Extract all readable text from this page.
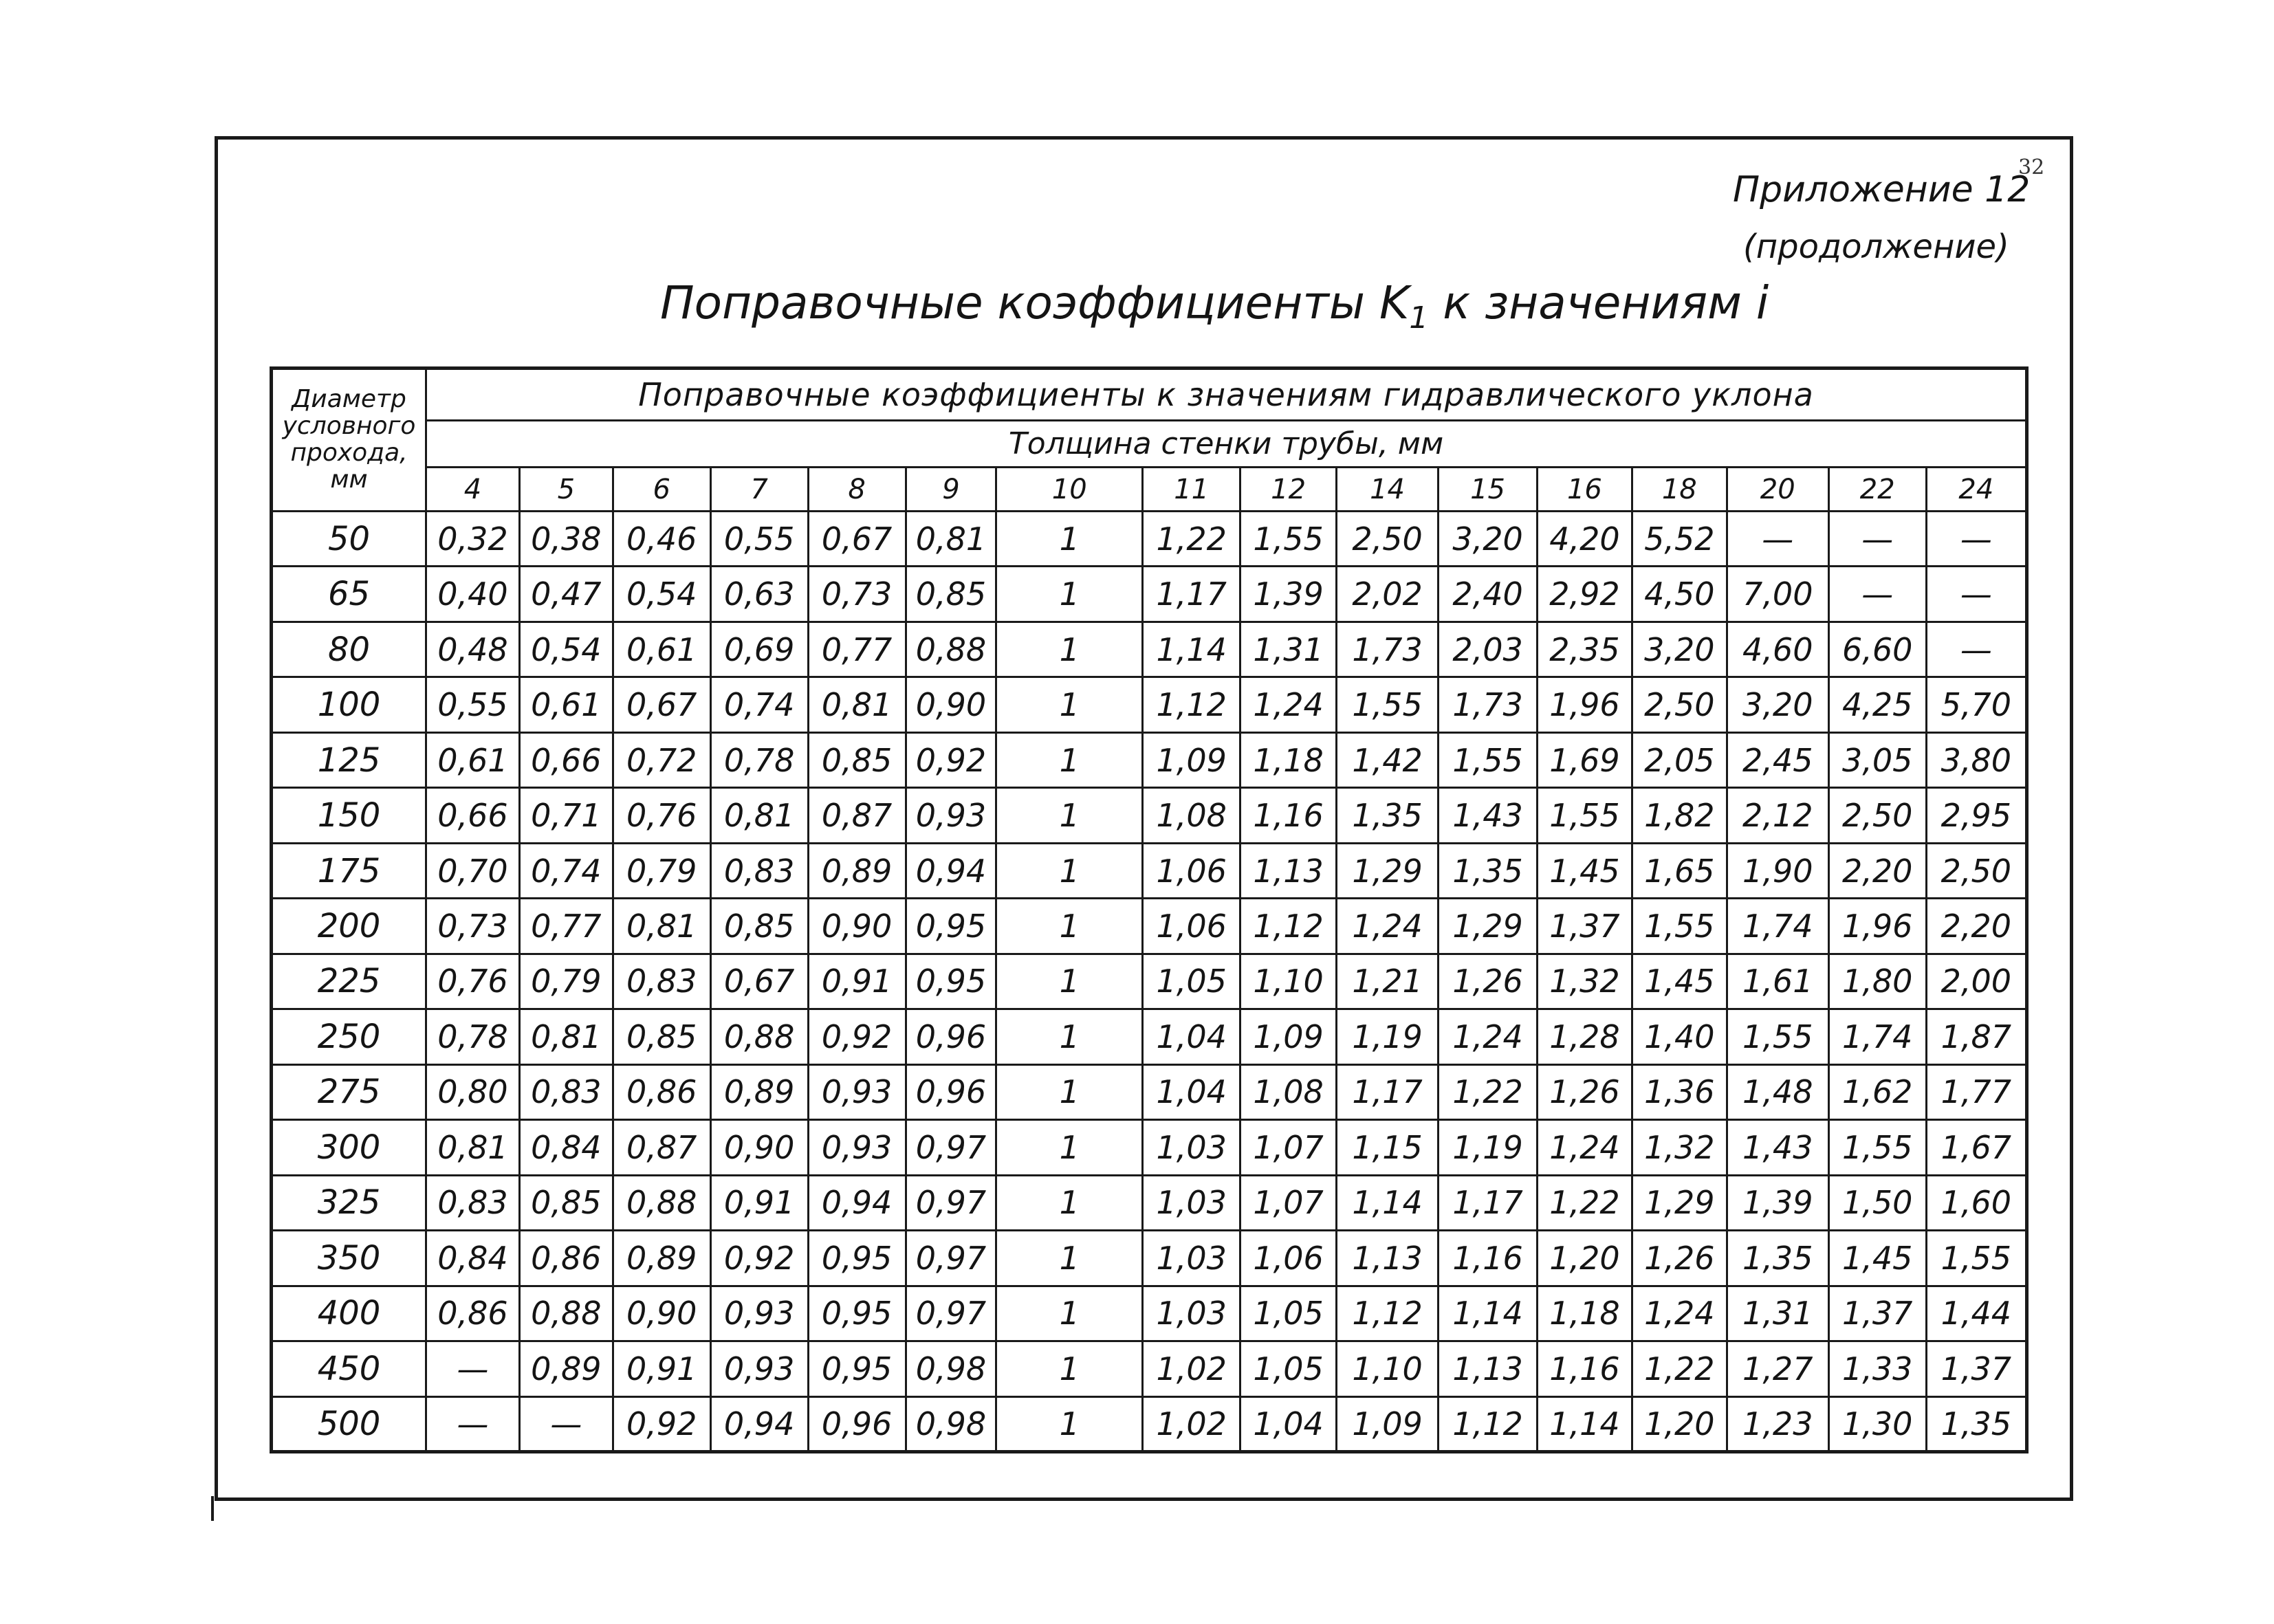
32
Приложение 12
(продолжение)
Поправочные коэффициенты $K_1$ к значениям i
Диаметр условного прохода, мм	Поправочные коэффициенты к значениям гидравлического уклона															
	Толщина стенки трубы, мм															
	4	5	6	7	8	9	10	11	12	14	15	16	18	20	22	24
50	0,32	0,38	0,46	0,55	0,67	0,81	1	1,22	1,55	2,50	3,20	4,20	5,52	—	—	—
65	0,40	0,47	0,54	0,63	0,73	0,85	1	1,17	1,39	2,02	2,40	2,92	4,50	7,00	—	—
80	0,48	0,54	0,61	0,69	0,77	0,88	1	1,14	1,31	1,73	2,03	2,35	3,20	4,60	6,60	—
100	0,55	0,61	0,67	0,74	0,81	0,90	1	1,12	1,24	1,55	1,73	1,96	2,50	3,20	4,25	5,70
125	0,61	0,66	0,72	0,78	0,85	0,92	1	1,09	1,18	1,42	1,55	1,69	2,05	2,45	3,05	3,80
150	0,66	0,71	0,76	0,81	0,87	0,93	1	1,08	1,16	1,35	1,43	1,55	1,82	2,12	2,50	2,95
175	0,70	0,74	0,79	0,83	0,89	0,94	1	1,06	1,13	1,29	1,35	1,45	1,65	1,90	2,20	2,50
200	0,73	0,77	0,81	0,85	0,90	0,95	1	1,06	1,12	1,24	1,29	1,37	1,55	1,74	1,96	2,20
225	0,76	0,79	0,83	0,67	0,91	0,95	1	1,05	1,10	1,21	1,26	1,32	1,45	1,61	1,80	2,00
250	0,78	0,81	0,85	0,88	0,92	0,96	1	1,04	1,09	1,19	1,24	1,28	1,40	1,55	1,74	1,87
275	0,80	0,83	0,86	0,89	0,93	0,96	1	1,04	1,08	1,17	1,22	1,26	1,36	1,48	1,62	1,77
300	0,81	0,84	0,87	0,90	0,93	0,97	1	1,03	1,07	1,15	1,19	1,24	1,32	1,43	1,55	1,67
325	0,83	0,85	0,88	0,91	0,94	0,97	1	1,03	1,07	1,14	1,17	1,22	1,29	1,39	1,50	1,60
350	0,84	0,86	0,89	0,92	0,95	0,97	1	1,03	1,06	1,13	1,16	1,20	1,26	1,35	1,45	1,55
400	0,86	0,88	0,90	0,93	0,95	0,97	1	1,03	1,05	1,12	1,14	1,18	1,24	1,31	1,37	1,44
450	—	0,89	0,91	0,93	0,95	0,98	1	1,02	1,05	1,10	1,13	1,16	1,22	1,27	1,33	1,37
500	—	—	0,92	0,94	0,96	0,98	1	1,02	1,04	1,09	1,12	1,14	1,20	1,23	1,30	1,35
